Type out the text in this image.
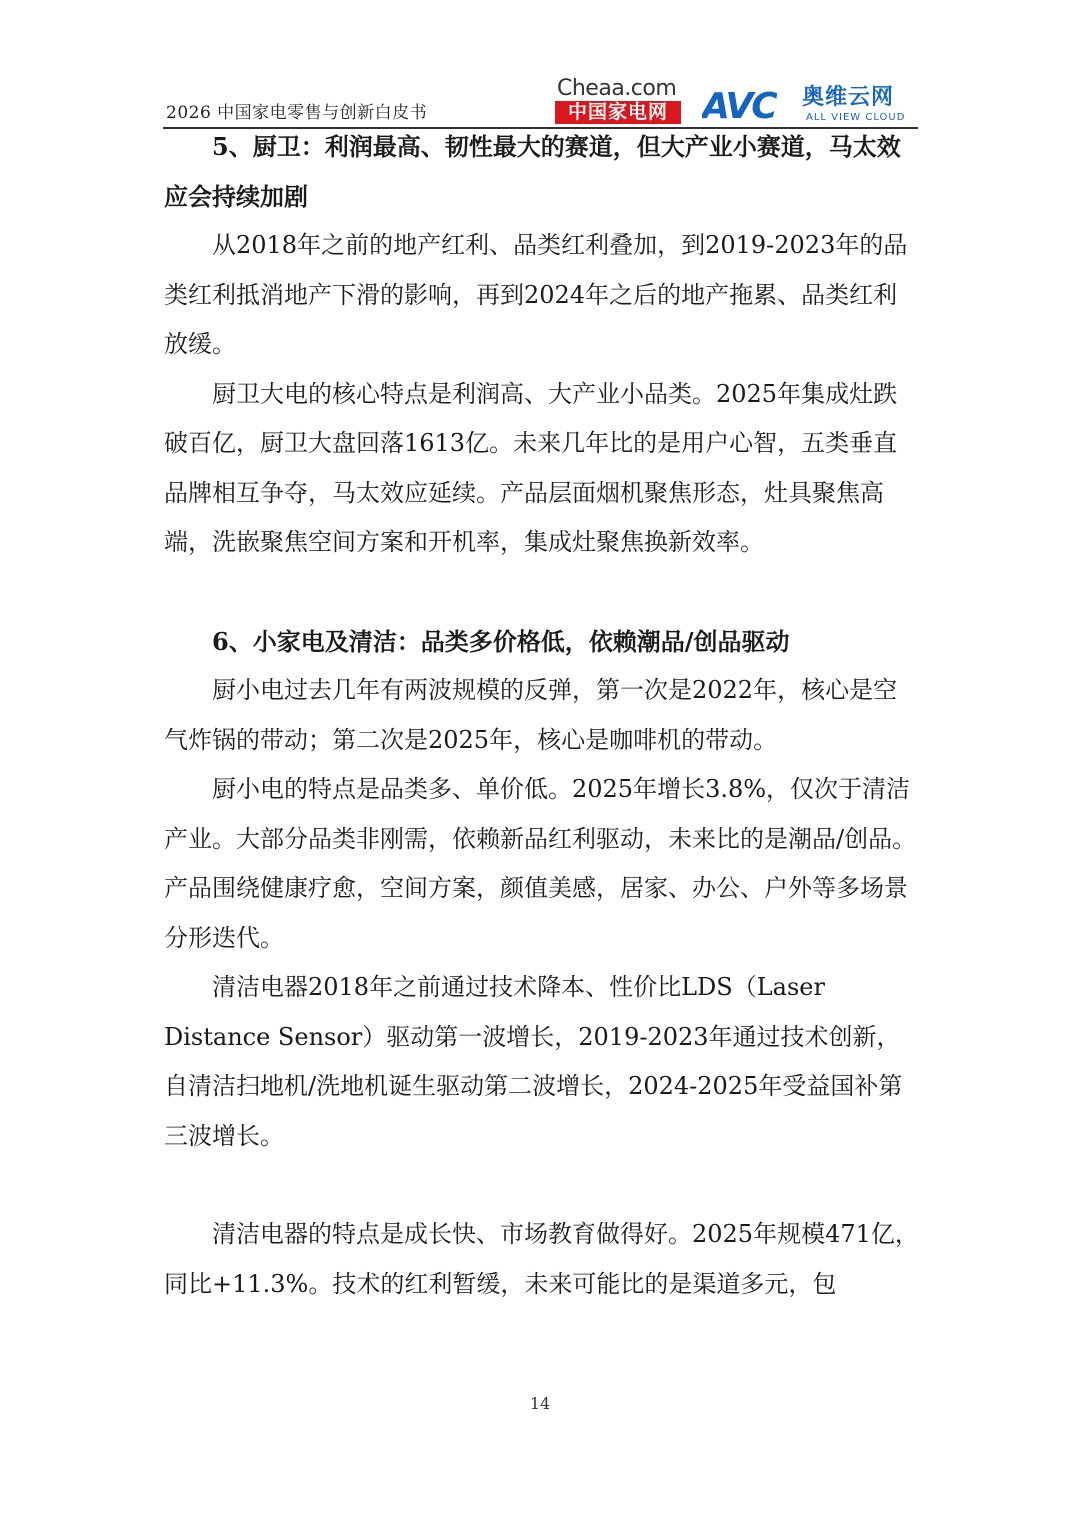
2026 中国家电零售与创新白皮书
Cheaa.com
中国家电网 AVC 奥维云网
ALL VIEW CLOUD

5、厨卫：利润最高、韧性最大的赛道，但大产业小赛道，马太效应会持续加剧

从2018年之前的地产红利、品类红利叠加，到2019-2023年的品类红利抵消地产下滑的影响，再到2024年之后的地产拖累、品类红利放缓。

厨卫大电的核心特点是利润高、大产业小品类。2025年集成灶跌破百亿，厨卫大盘回落1613亿。未来几年比的是用户心智，五类垂直品牌相互争夺，马太效应延续。产品层面烟机聚焦形态，灶具聚焦高端，洗嵌聚焦空间方案和开机率，集成灶聚焦换新效率。

6、小家电及清洁：品类多价格低，依赖潮品/创品驱动

厨小电过去几年有两波规模的反弹，第一次是2022年，核心是空气炸锅的带动；第二次是2025年，核心是咖啡机的带动。

厨小电的特点是品类多、单价低。2025年增长3.8%，仅次于清洁产业。大部分品类非刚需，依赖新品红利驱动，未来比的是潮品/创品。产品围绕健康疗愈，空间方案，颜值美感，居家、办公、户外等多场景分形迭代。

清洁电器2018年之前通过技术降本、性价比LDS（Laser Distance Sensor）驱动第一波增长，2019-2023年通过技术创新，自清洁扫地机/洗地机诞生驱动第二波增长，2024-2025年受益国补第三波增长。

清洁电器的特点是成长快、市场教育做得好。2025年规模471亿，同比+11.3%。技术的红利暂缓，未来可能比的是渠道多元，包

14
